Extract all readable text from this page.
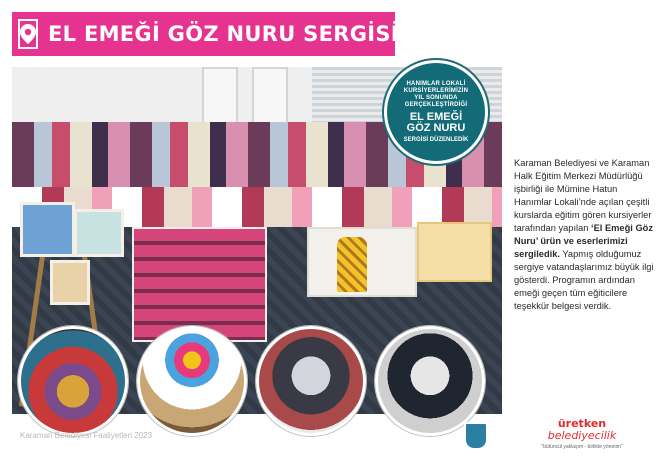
EL EMEĞİ GÖZ NURU SERGİSİ
HANIMLAR LOKALİ
KURSİYERLERİMİZİN
YIL SONUNDA
GERÇEKLEŞTİRDİĞİ
EL EMEĞİ
GÖZ NURU
SERGİSİ DÜZENLEDİK
Karaman Belediyesi Faaliyetleri 2023
Karaman Belediyesi ve Karaman Halk Eğitim Merkezi Müdürlüğü işbirliği ile Mümine Hatun Hanımlar Lokali’nde açılan çeşitli kurslarda eğitim gören kursiyerler tarafından yapılan ‘El Emeği Göz Nuru’ ürün ve eserlerimizi sergiledik. Yapmış olduğumuz sergiye vatandaşlarımız büyük ilgi gösterdi. Programın ardından emeği geçen tüm eğiticilere teşekkür belgesi verdik.
üretken
belediyecilik
"bütüncül yaklaşım - birlikte yönetim"
